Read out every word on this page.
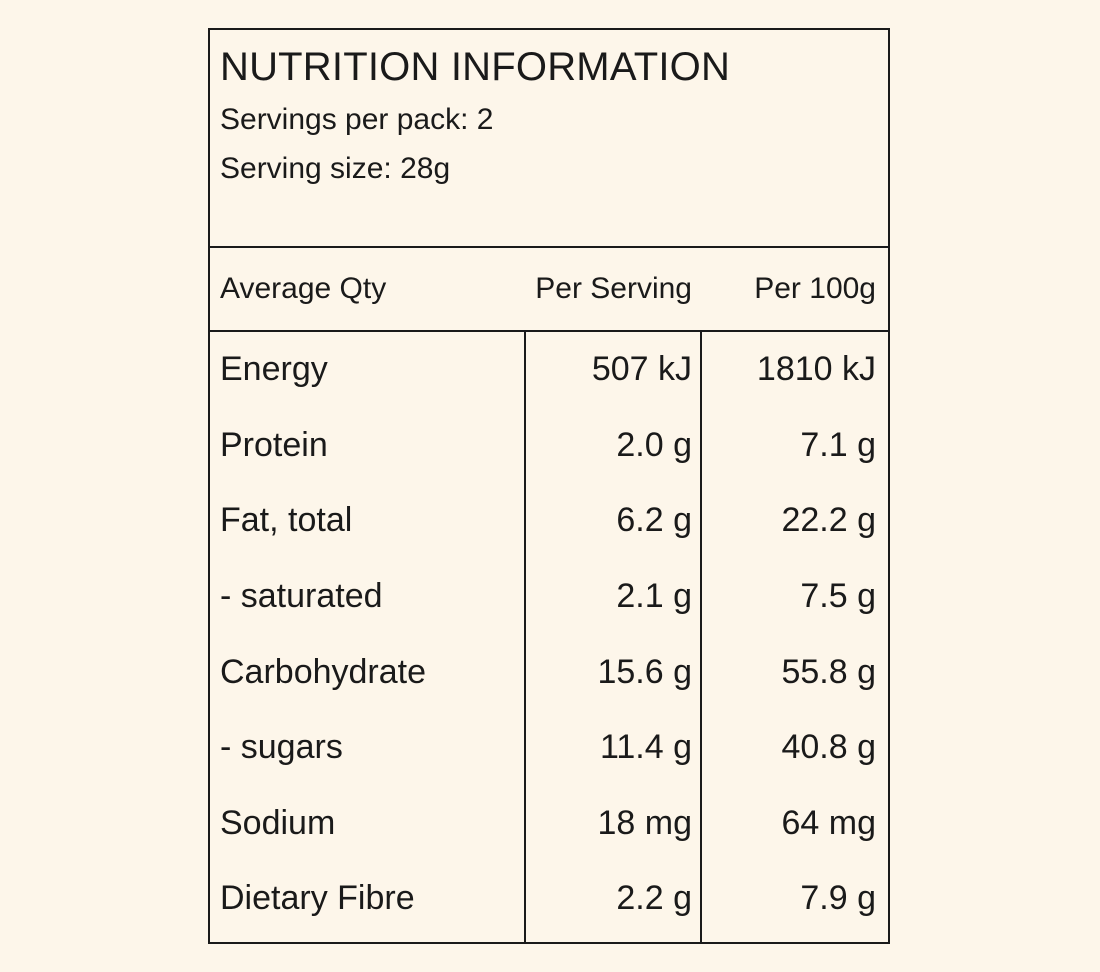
NUTRITION INFORMATION
Servings per pack: 2
Serving size: 28g
Average Qty	Per Serving	Per 100g
Energy	507 kJ	1810 kJ
Protein	2.0 g	7.1 g
Fat, total	6.2 g	22.2 g
- saturated	2.1 g	7.5 g
Carbohydrate	15.6 g	55.8 g
- sugars	11.4 g	40.8 g
Sodium	18 mg	64 mg
Dietary Fibre	2.2 g	7.9 g
